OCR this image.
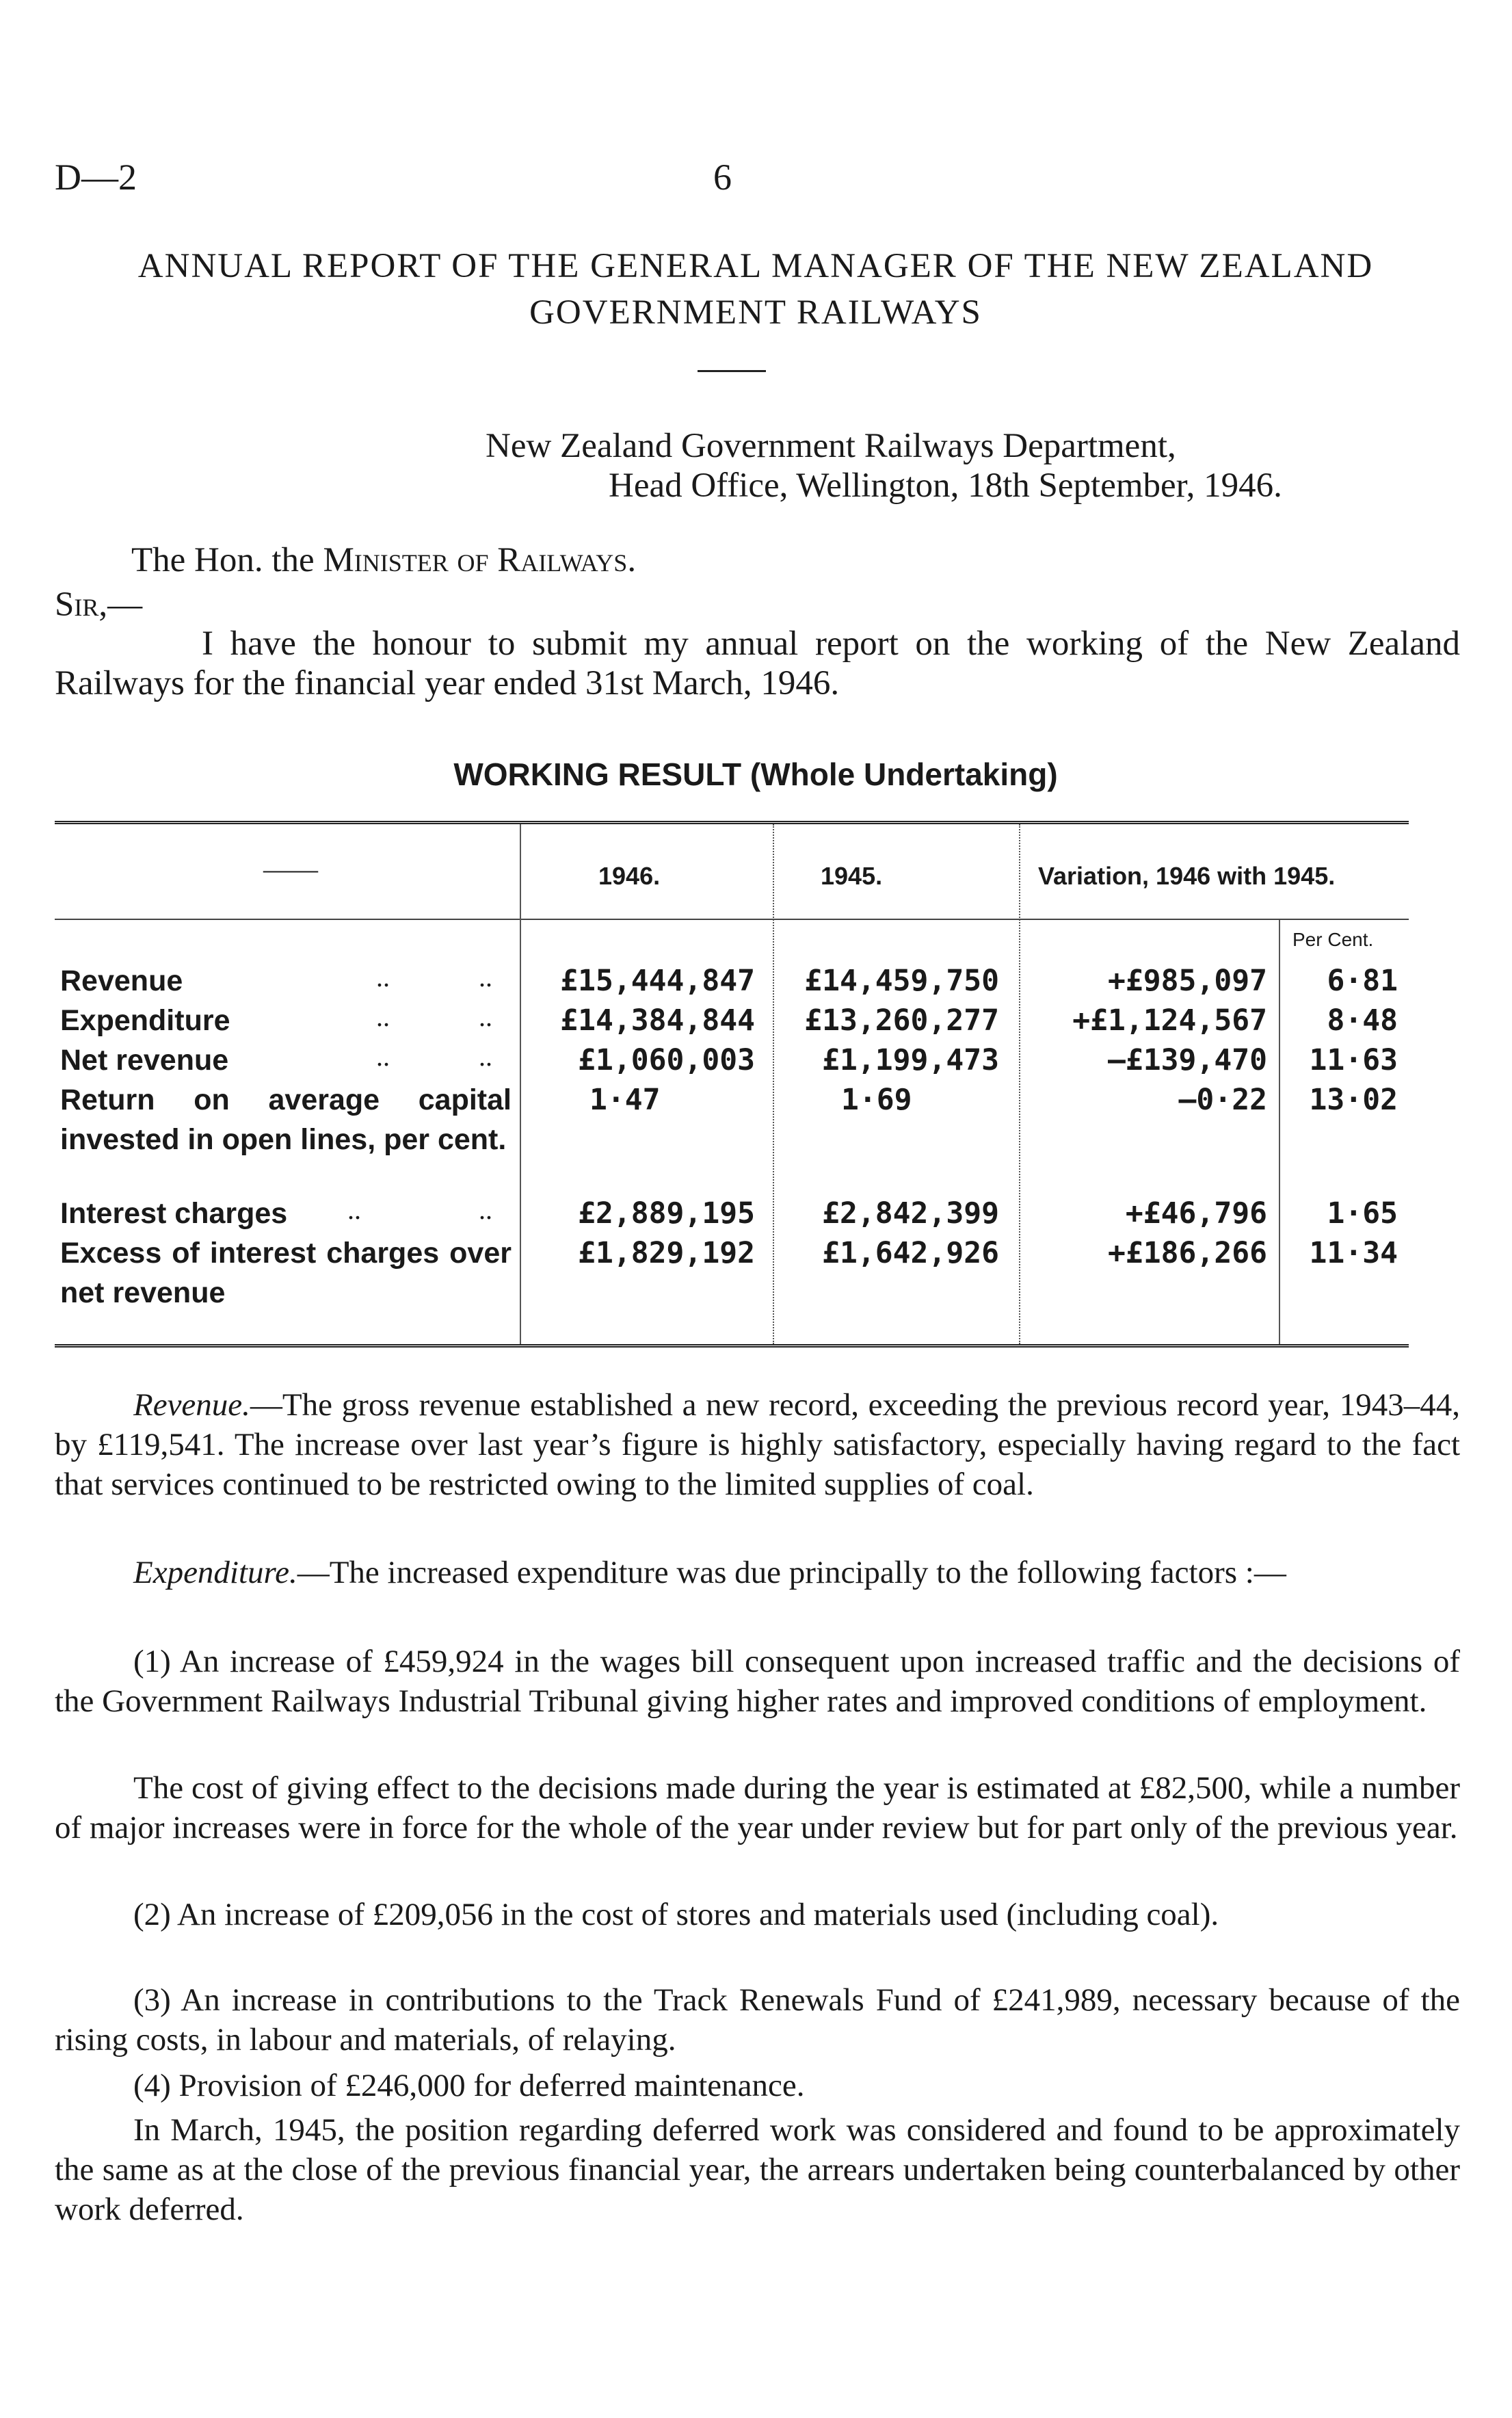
D—2	6
ANNUAL REPORT OF THE GENERAL MANAGER OF THE NEW ZEALAND
GOVERNMENT RAILWAYS
New Zealand Government Railways Department,
Head Office, Wellington, 18th September, 1946.
The Hon. the Minister of Railways.
Sir,—
I have the honour to submit my annual report on the working of the New Zealand Railways for the financial year ended 31st March, 1946.
WORKING RESULT (Whole Undertaking)
——	1946.	1945.	Variation, 1946 with 1945.
Per Cent.
Revenue	..	.. £15,444,847 £14,459,750	+£985,097 6·81
Expenditure	..	.. £14,384,844 £13,260,277 +£1,124,567 8·48
Net revenue	..	..	£1,060,003 £1,199,473	—£139,470 11·63
Return on average capital invested in open lines, per cent.
1·47	1·69	—0·22 13·02
Interest charges	..	..	£2,889,195 £2,842,399	+£46,796 1·65
Excess of interest charges over net revenue
£1,829,192 £1,642,926	+£186,266 11·34
Revenue.—The gross revenue established a new record, exceeding the previous record year, 1943–44, by £119,541. The increase over last year’s figure is highly satisfactory, especially having regard to the fact that services continued to be restricted owing to the limited supplies of coal.
Expenditure.—The increased expenditure was due principally to the following factors :—
(1) An increase of £459,924 in the wages bill consequent upon increased traffic and the decisions of the Government Railways Industrial Tribunal giving higher rates and improved conditions of employment.
The cost of giving effect to the decisions made during the year is estimated at £82,500, while a number of major increases were in force for the whole of the year under review but for part only of the previous year.
(2) An increase of £209,056 in the cost of stores and materials used (including coal).
(3) An increase in contributions to the Track Renewals Fund of £241,989, necessary because of the rising costs, in labour and materials, of relaying.
(4) Provision of £246,000 for deferred maintenance.
In March, 1945, the position regarding deferred work was considered and found to be approximately the same as at the close of the previous financial year, the arrears undertaken being counterbalanced by other work deferred.
